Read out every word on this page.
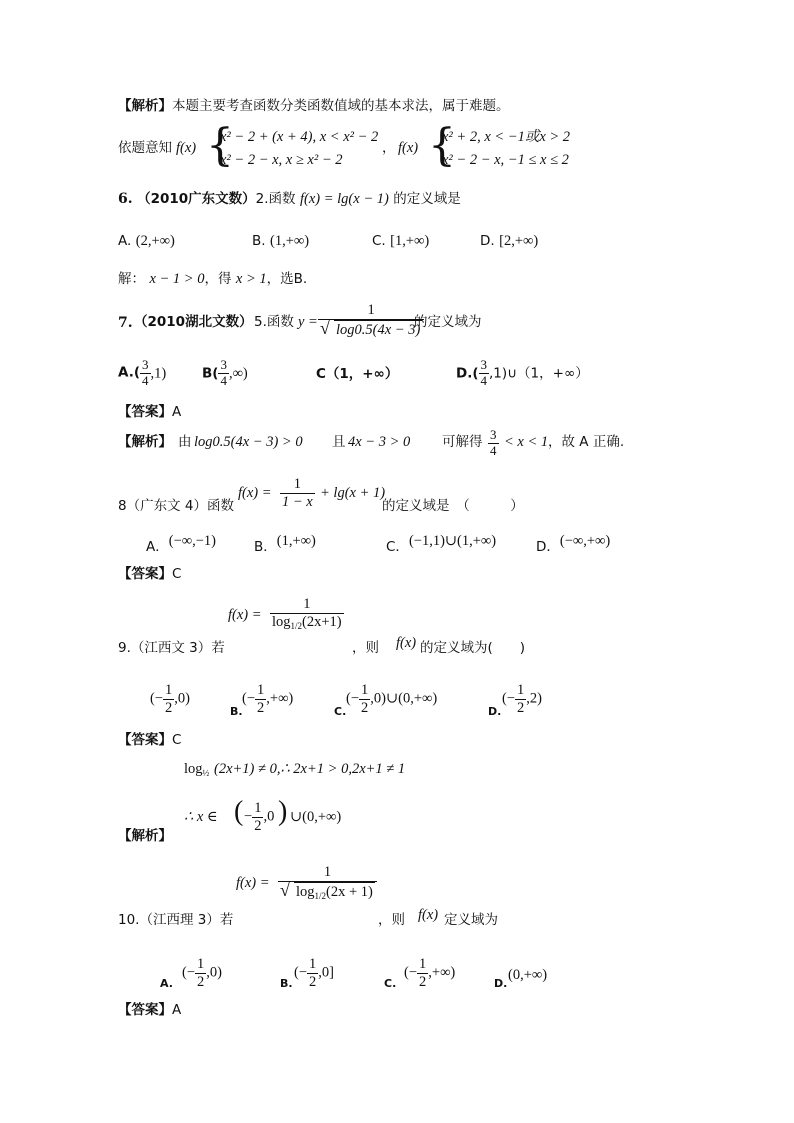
【解析】本题主要考查函数分类函数值域的基本求法，属于难题。
依题意知 f(x) {
x² − 2 + (x + 4), x < x² − 2
x² − 2 − x, x ≥ x² − 2
， f(x) {
x² + 2, x < −1或x > 2
x² − 2 − x, −1 ≤ x ≤ 2
6. （2010广东文数）2.函数 f(x) = lg(x − 1) 的定义域是
A. (2,+∞)	B. (1,+∞)	C. [1,+∞)	D. [2,+∞)
解： x − 1 > 0，得 x > 1，选B.
7. （2010湖北文数） 5.函数 y = 1
√ log0.5(4x − 3)
的定义域为
$A.( \frac{3}{4} ,1)$	$B( \frac{3}{4}$ ,∞)	C（1，+∞）	$D.( \frac{3}{4}$ ,1)∪（1，+∞）
【答案】A
【解析】 由 log0.5(4x − 3) > 0 且 4x − 3 > 0 可解得 $\frac{3}{4} < x < 1$ ，故 A 正确.
8（广东文 4）函数
$f(x) = \frac{1}{1 - x} + \lg(x + 1)$
的定义域是　（　　　）
A．(−∞,−1)	B．(1,+∞)	C．(−1,1)∪(1,+∞)	D．(−∞,+∞)
【答案】C
9.（江西文 3）若
$f(x) = \frac{1}{\log_{1/2}(2x+1)}$
，则 f(x) 的定义域为(　　)
(− $\frac{1}{2} ,0$)
B.
(− $\frac{1}{2}$ ,+∞)
C.
(− $\frac{1}{2}$ ,0)∪(0,+∞)
D.
(− $\frac{1}{2} ,2$)
【答案】C
$\log_{\frac{1}{2}} (2x+1)$ ≠ 0,∴ 2x+1 > 0,2x+1 ≠ 1
∴ x ∈ ( − $\frac{1}{2} ,0$ ) ∪(0,+∞)
【解析】
f(x) = 1
√ $\log_{1/2}(2x + 1)$
10.（江西理 3）若	，则 f(x) 定义域为
A.
(− $\frac{1}{2} ,0$)
B.
(− $\frac{1}{2} ,0$]
C.
(− $\frac{1}{2}$ ,+∞)
D.
(0,+∞)
【答案】A
